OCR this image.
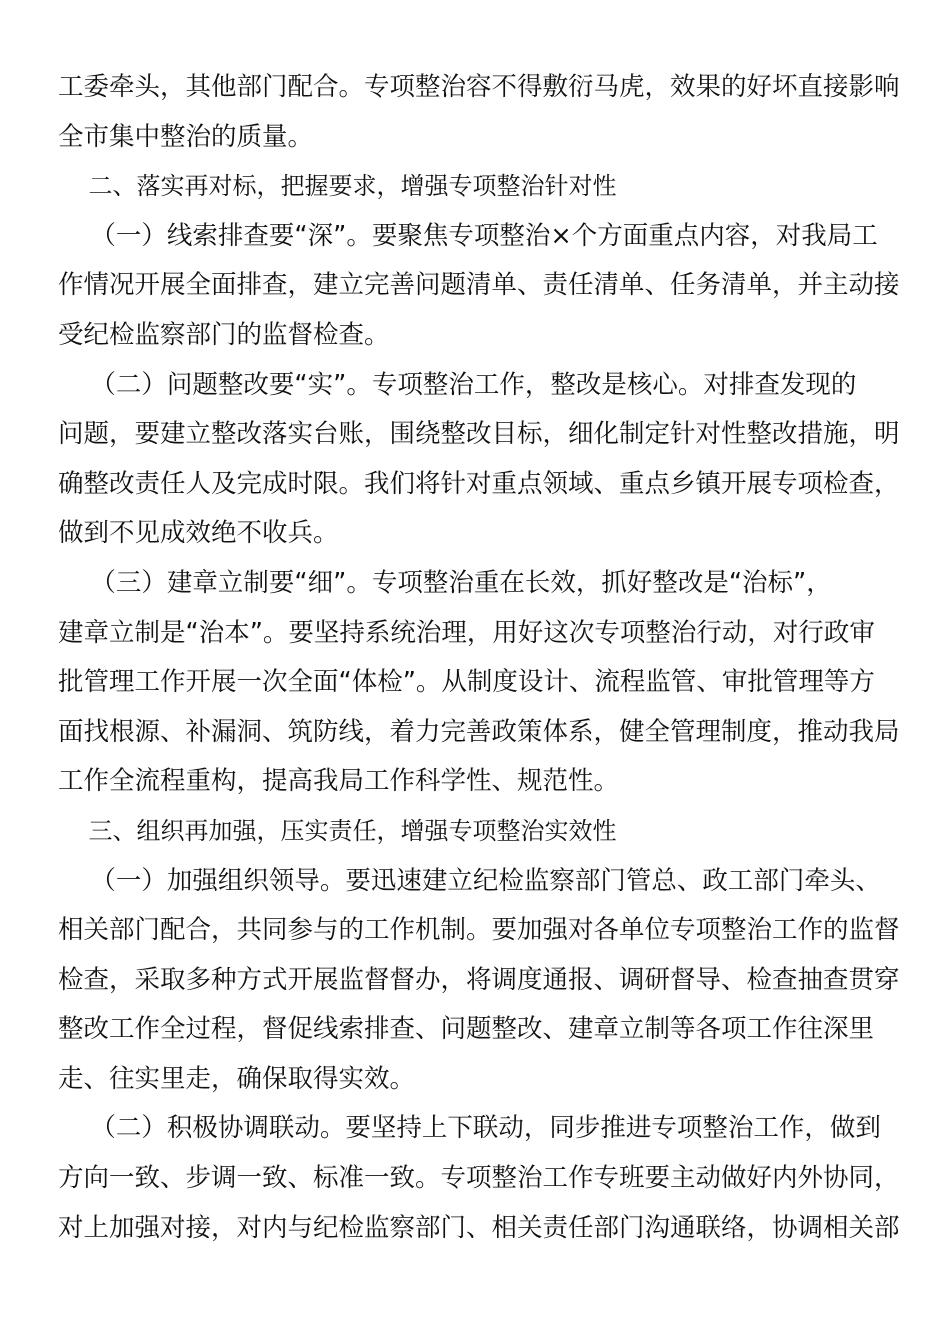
工委牵头，其他部门配合。专项整治容不得敷衍马虎，效果的好坏直接影响
全市集中整治的质量。
二、落实再对标，把握要求，增强专项整治针对性
（一）线索排查要“深”。要聚焦专项整治×个方面重点内容，对我局工
作情况开展全面排查，建立完善问题清单、责任清单、任务清单，并主动接
受纪检监察部门的监督检查。
（二）问题整改要“实”。专项整治工作，整改是核心。对排查发现的
问题，要建立整改落实台账，围绕整改目标，细化制定针对性整改措施，明
确整改责任人及完成时限。我们将针对重点领域、重点乡镇开展专项检查，
做到不见成效绝不收兵。
（三）建章立制要“细”。专项整治重在长效，抓好整改是“治标”，
建章立制是“治本”。要坚持系统治理，用好这次专项整治行动，对行政审
批管理工作开展一次全面“体检”。从制度设计、流程监管、审批管理等方
面找根源、补漏洞、筑防线，着力完善政策体系，健全管理制度，推动我局
工作全流程重构，提高我局工作科学性、规范性。
三、组织再加强，压实责任，增强专项整治实效性
（一）加强组织领导。要迅速建立纪检监察部门管总、政工部门牵头、
相关部门配合，共同参与的工作机制。要加强对各单位专项整治工作的监督
检查，采取多种方式开展监督督办，将调度通报、调研督导、检查抽查贯穿
整改工作全过程，督促线索排查、问题整改、建章立制等各项工作往深里
走、往实里走，确保取得实效。
（二）积极协调联动。要坚持上下联动，同步推进专项整治工作，做到
方向一致、步调一致、标准一致。专项整治工作专班要主动做好内外协同，
对上加强对接，对内与纪检监察部门、相关责任部门沟通联络，协调相关部
